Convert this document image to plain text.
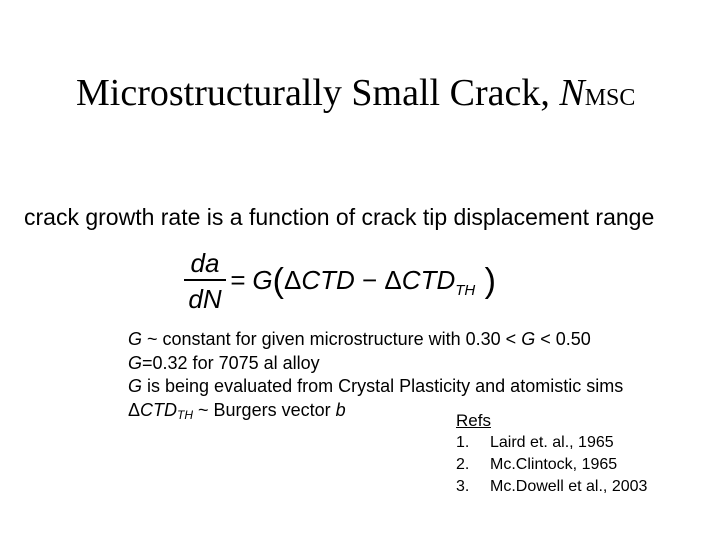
Microstructurally Small Crack, NMSC
crack growth rate is a function of crack tip displacement range
da
dN
= $G(\Delta CTD - \Delta CTD_{TH}$ )
G ~ constant for given microstructure with 0.30 < G < 0.50
G=0.32 for 7075 al alloy
G is being evaluated from Crystal Plasticity and atomistic sims
ΔCTDTH ~ Burgers vector b
Refs
1. Laird et. al., 1965
2. Mc.Clintock, 1965
3. Mc.Dowell et al., 2003
